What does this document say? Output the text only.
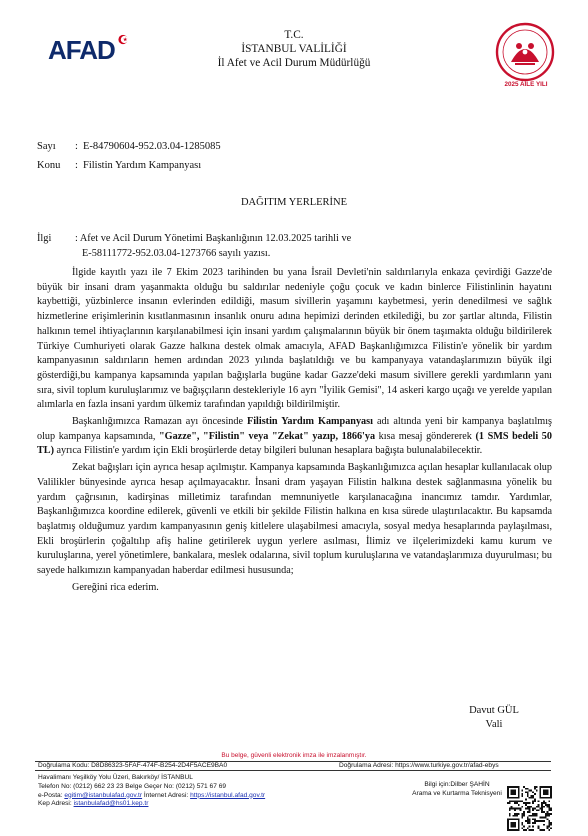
AFAD	T.C.
İSTANBUL VALİLİĞİ
İl Afet ve Acil Durum Müdürlüğü
2025 AİLE YILI
Sayı : E-84790604-952.03.04-1285085
Konu : Filistin Yardım Kampanyası
DAĞITIM YERLERİNE
İlgi	: Afet ve Acil Durum Yönetimi Başkanlığının 12.03.2025 tarihli ve
E-58111772-952.03.04-1273766 sayılı yazısı.

İlgide kayıtlı yazı ile 7 Ekim 2023 tarihinden bu yana İsrail Devleti'nin saldırılarıyla enkaza çevirdiği Gazze'de büyük bir insani dram yaşanmakta olduğu bu saldırılar nedeniyle çoğu çocuk ve kadın binlerce Filistinlinin hayatını kaybettiği, yüzbinlerce insanın evlerinden edildiği, masum sivillerin yaşamını kaybetmesi, yerin denedilmesi ve sağlık hizmetlerine erişimlerinin kısıtlanmasının insanlık onuru adına hepimizi derinden etkilediği, bu zor şartlar altında, Filistin halkının temel ihtiyaçlarının karşılanabilmesi için insani yardım çalışmalarının büyük bir önem taşımakta olduğu bildirilerek Türkiye Cumhuriyeti olarak Gazze halkına destek olmak amacıyla, AFAD Başkanlığımızca Filistin'e yönelik bir yardım kampanyasının saldırıların hemen ardından 2023 yılında başlatıldığı ve bu kampanyaya vatandaşlarımızın büyük ilgi gösterdiği,bu kampanya kapsamında yapılan bağışlarla bugüne kadar Gazze'deki masum sivillere gerekli yardımların yanı sıra, sivil toplum kuruluşlarımız ve bağışçıların destekleriyle 16 ayrı "İyilik Gemisi", 14 askeri kargo uçağı ve yerelde yapılan alımlarla en fazla insani yardım ülkemiz tarafından yapıldığı bildirilmiştir.

Başkanlığımızca Ramazan ayı öncesinde Filistin Yardım Kampanyası adı altında yeni bir kampanya başlatılmış olup kampanya kapsamında, "Gazze", "Filistin" veya "Zekat" yazıp, 1866'ya kısa mesaj göndererek (1 SMS bedeli 50 TL) ayrıca Filistin'e yardım için Ekli broşürlerde detay bilgileri bulunan hesaplara bağışta bulunalabilecektir.

Zekat bağışları için ayrıca hesap açılmıştır. Kampanya kapsamında Başkanlığımızca açılan hesaplar kullanılacak olup Valilikler bünyesinde ayrıca hesap açılmayacaktır. İnsani dram yaşayan Filistin halkına destek sağlanmasına yönelik bu yardım çağrısının, kadirşinas milletimiz tarafından memnuniyetle karşılanacağına inancımız tamdır. Yardımlar, Başkanlığımızca koordine edilerek, güvenli ve etkili bir şekilde Filistin halkına en kısa sürede ulaştırılacaktır. Bu kapsamda başlatmış olduğumuz yardım kampanyasının geniş kitlelere ulaşabilmesi amacıyla, sosyal medya hesaplarında paylaşılması, Ekli broşürlerin çoğaltılıp afiş haline getirilerek uygun yerlere asılması, İlimiz ve ilçelerimizdeki kamu kurum ve kuruluşlarına, yerel yönetimlere, bankalara, meslek odalarına, sivil toplum kuruluşlarına ve vatandaşlarımıza duyurulması; bu sayede halkımızın kampanyadan haberdar edilmesi hususunda;

Gereğini rica ederim.

Davut GÜL
Vali
Bu belge, güvenli elektronik imza ile imzalanmıştır.
Doğrulama Kodu: D8D86323-5FAF-474F-B254-2D4F5ACE9BA0	Doğrulama Adresi: https://www.turkiye.gov.tr/afad-ebys
Havalimanı Yeşilköy Yolu Üzeri, Bakırköy/ İSTANBUL
Telefon No: (0212) 662 23 23 Belge Geçer No: (0212) 571 67 69
e-Posta: egitim@istanbulafad.gov.tr İnternet Adresi: https://istanbul.afad.gov.tr
Kep Adresi: istanbulafad@hs01.kep.tr
Bilgi için:Dilber ŞAHİN
Arama ve Kurtarma Teknisyeni
